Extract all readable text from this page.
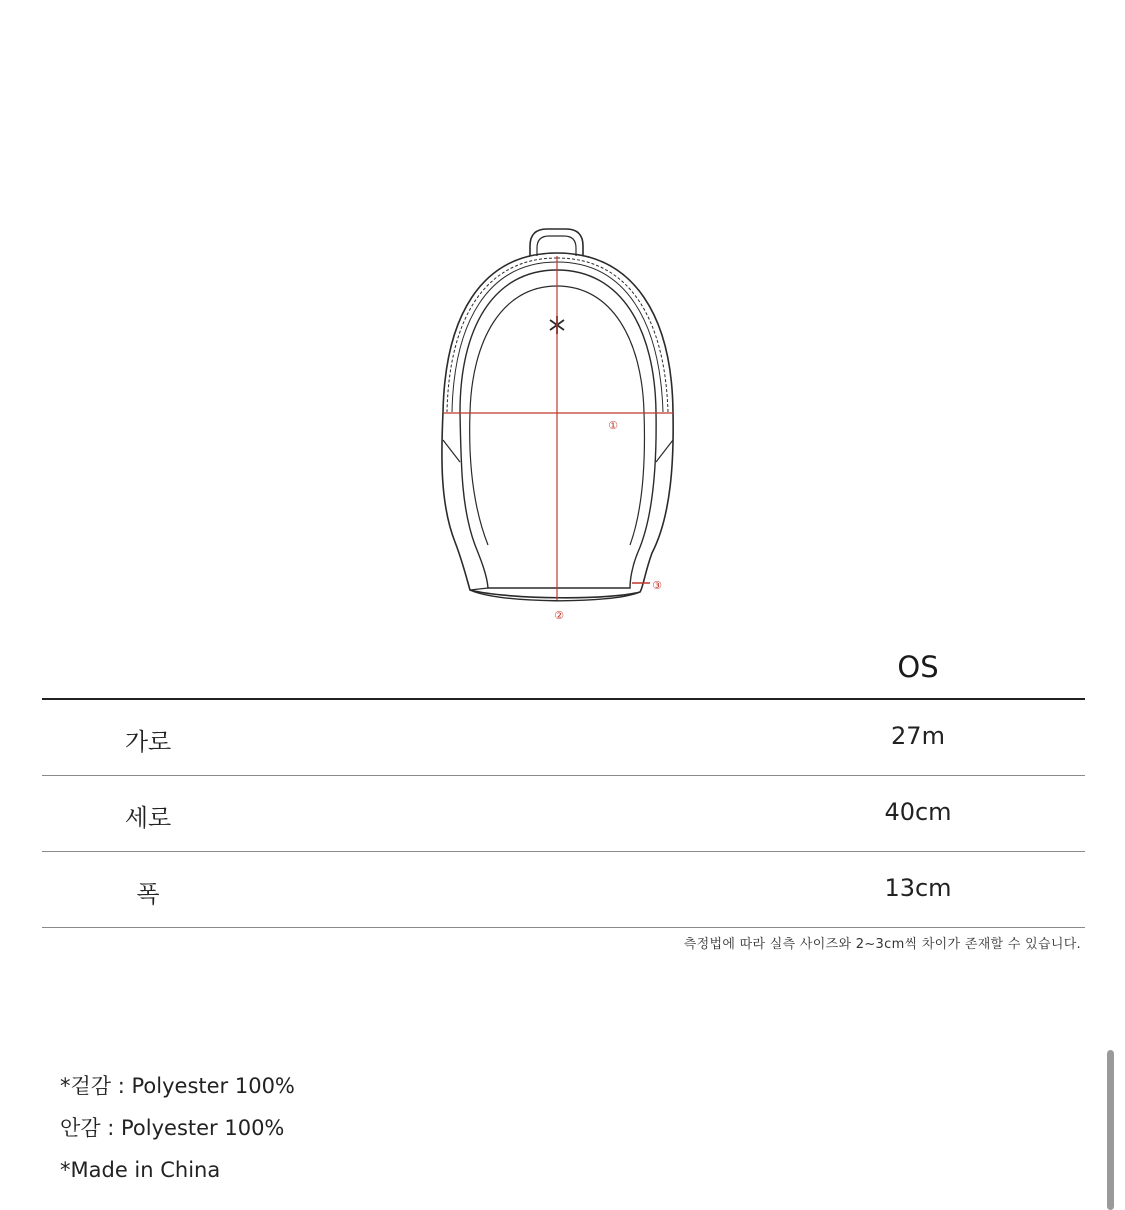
①
②
③
OS
가로	27m
세로	40cm
폭	13cm
측정법에 따라 실측 사이즈와 2~3cm씩 차이가 존재할 수 있습니다.
*겉감 : Polyester 100%
안감 : Polyester 100%
*Made in China
